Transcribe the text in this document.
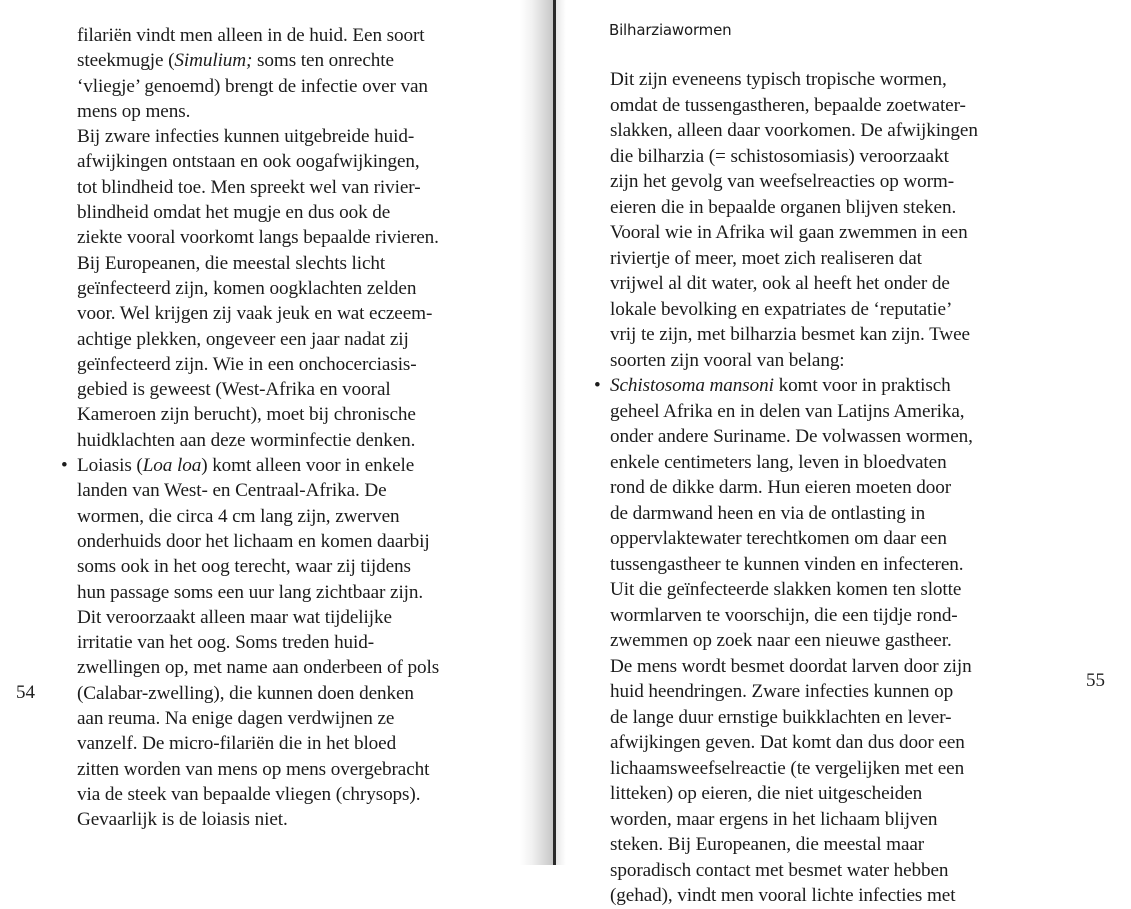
filariën vindt men alleen in de huid. Een soort
steekmugje (Simulium; soms ten onrechte
‘vliegje’ genoemd) brengt de infectie over van
mens op mens.
Bij zware infecties kunnen uitgebreide huid-
afwijkingen ontstaan en ook oogafwijkingen,
tot blindheid toe. Men spreekt wel van rivier-
blindheid omdat het mugje en dus ook de
ziekte vooral voorkomt langs bepaalde rivieren.
Bij Europeanen, die meestal slechts licht
geïnfecteerd zijn, komen oogklachten zelden
voor. Wel krijgen zij vaak jeuk en wat eczeem-
achtige plekken, ongeveer een jaar nadat zij
geïnfecteerd zijn. Wie in een onchocerciasis-
gebied is geweest (West-Afrika en vooral
Kameroen zijn berucht), moet bij chronische
huidklachten aan deze worminfectie denken.
• Loiasis (Loa loa) komt alleen voor in enkele
landen van West- en Centraal-Afrika. De
wormen, die circa 4 cm lang zijn, zwerven
onderhuids door het lichaam en komen daarbij
soms ook in het oog terecht, waar zij tijdens
hun passage soms een uur lang zichtbaar zijn.
Dit veroorzaakt alleen maar wat tijdelijke
irritatie van het oog. Soms treden huid-
zwellingen op, met name aan onderbeen of pols
(Calabar-zwelling), die kunnen doen denken
aan reuma. Na enige dagen verdwijnen ze
vanzelf. De micro-filariën die in het bloed
zitten worden van mens op mens overgebracht
via de steek van bepaalde vliegen (chrysops).
Gevaarlijk is de loiasis niet.
Bilharziawormen
Dit zijn eveneens typisch tropische wormen,
omdat de tussengastheren, bepaalde zoetwater-
slakken, alleen daar voorkomen. De afwijkingen
die bilharzia (= schistosomiasis) veroorzaakt
zijn het gevolg van weefselreacties op worm-
eieren die in bepaalde organen blijven steken.
Vooral wie in Afrika wil gaan zwemmen in een
riviertje of meer, moet zich realiseren dat
vrijwel al dit water, ook al heeft het onder de
lokale bevolking en expatriates de ‘reputatie’
vrij te zijn, met bilharzia besmet kan zijn. Twee
soorten zijn vooral van belang:
• Schistosoma mansoni komt voor in praktisch
geheel Afrika en in delen van Latijns Amerika,
onder andere Suriname. De volwassen wormen,
enkele centimeters lang, leven in bloedvaten
rond de dikke darm. Hun eieren moeten door
de darmwand heen en via de ontlasting in
oppervlaktewater terechtkomen om daar een
tussengastheer te kunnen vinden en infecteren.
Uit die geïnfecteerde slakken komen ten slotte
wormlarven te voorschijn, die een tijdje rond-
zwemmen op zoek naar een nieuwe gastheer.
De mens wordt besmet doordat larven door zijn
huid heendringen. Zware infecties kunnen op
de lange duur ernstige buikklachten en lever-
afwijkingen geven. Dat komt dan dus door een
lichaamsweefselreactie (te vergelijken met een
litteken) op eieren, die niet uitgescheiden
worden, maar ergens in het lichaam blijven
steken. Bij Europeanen, die meestal maar
sporadisch contact met besmet water hebben
(gehad), vindt men vooral lichte infecties met
54
55
